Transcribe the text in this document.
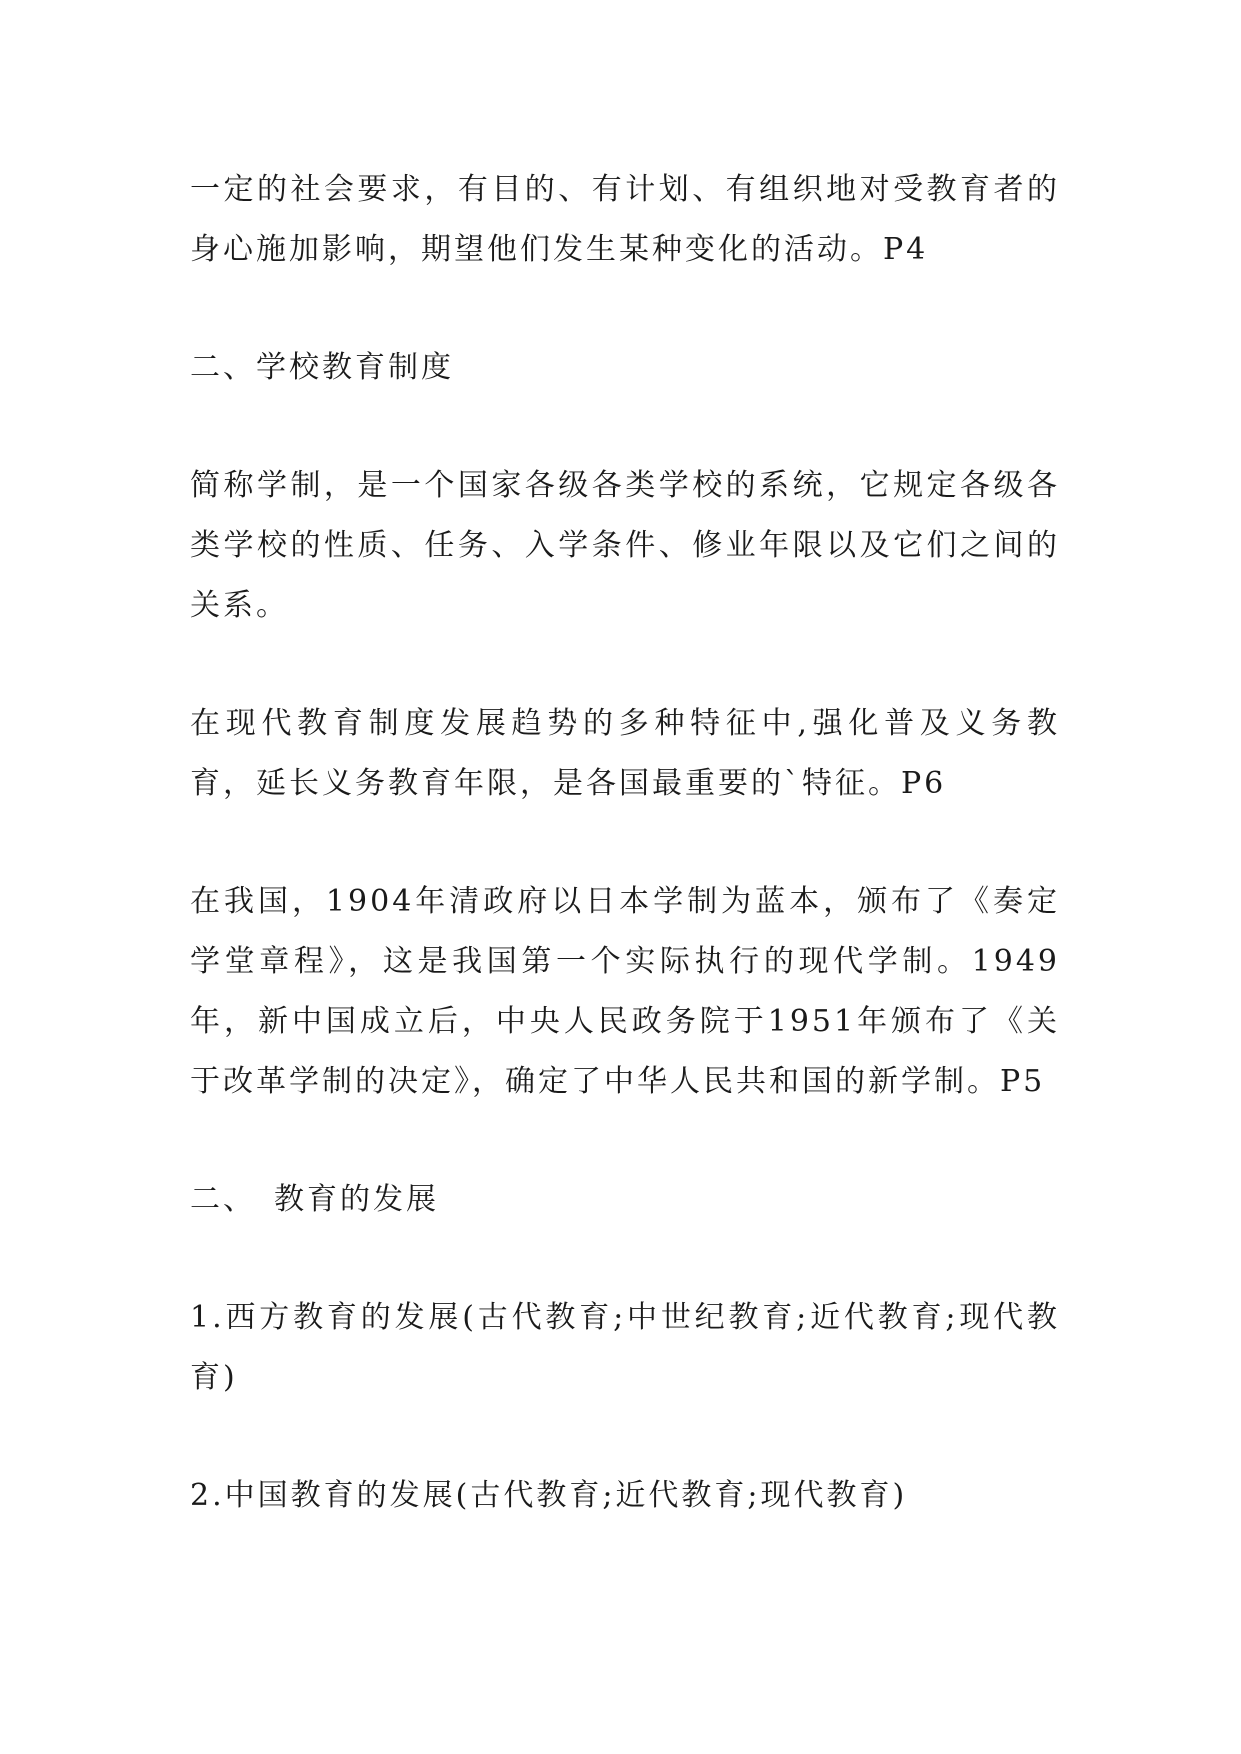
一定的社会要求，有目的、有计划、有组织地对受教育者的身心施加影响，期望他们发生某种变化的活动。P4

二、学校教育制度

简称学制，是一个国家各级各类学校的系统，它规定各级各类学校的性质、任务、入学条件、修业年限以及它们之间的关系。

在现代教育制度发展趋势的多种特征中,强化普及义务教育，延长义务教育年限，是各国最重要的`特征。P6

在我国，1904年清政府以日本学制为蓝本，颁布了《奏定学堂章程》，这是我国第一个实际执行的现代学制。1949年，新中国成立后，中央人民政务院于1951年颁布了《关于改革学制的决定》，确定了中华人民共和国的新学制。P5

二、　教育的发展

1.西方教育的发展(古代教育;中世纪教育;近代教育;现代教育)

2.中国教育的发展(古代教育;近代教育;现代教育)
